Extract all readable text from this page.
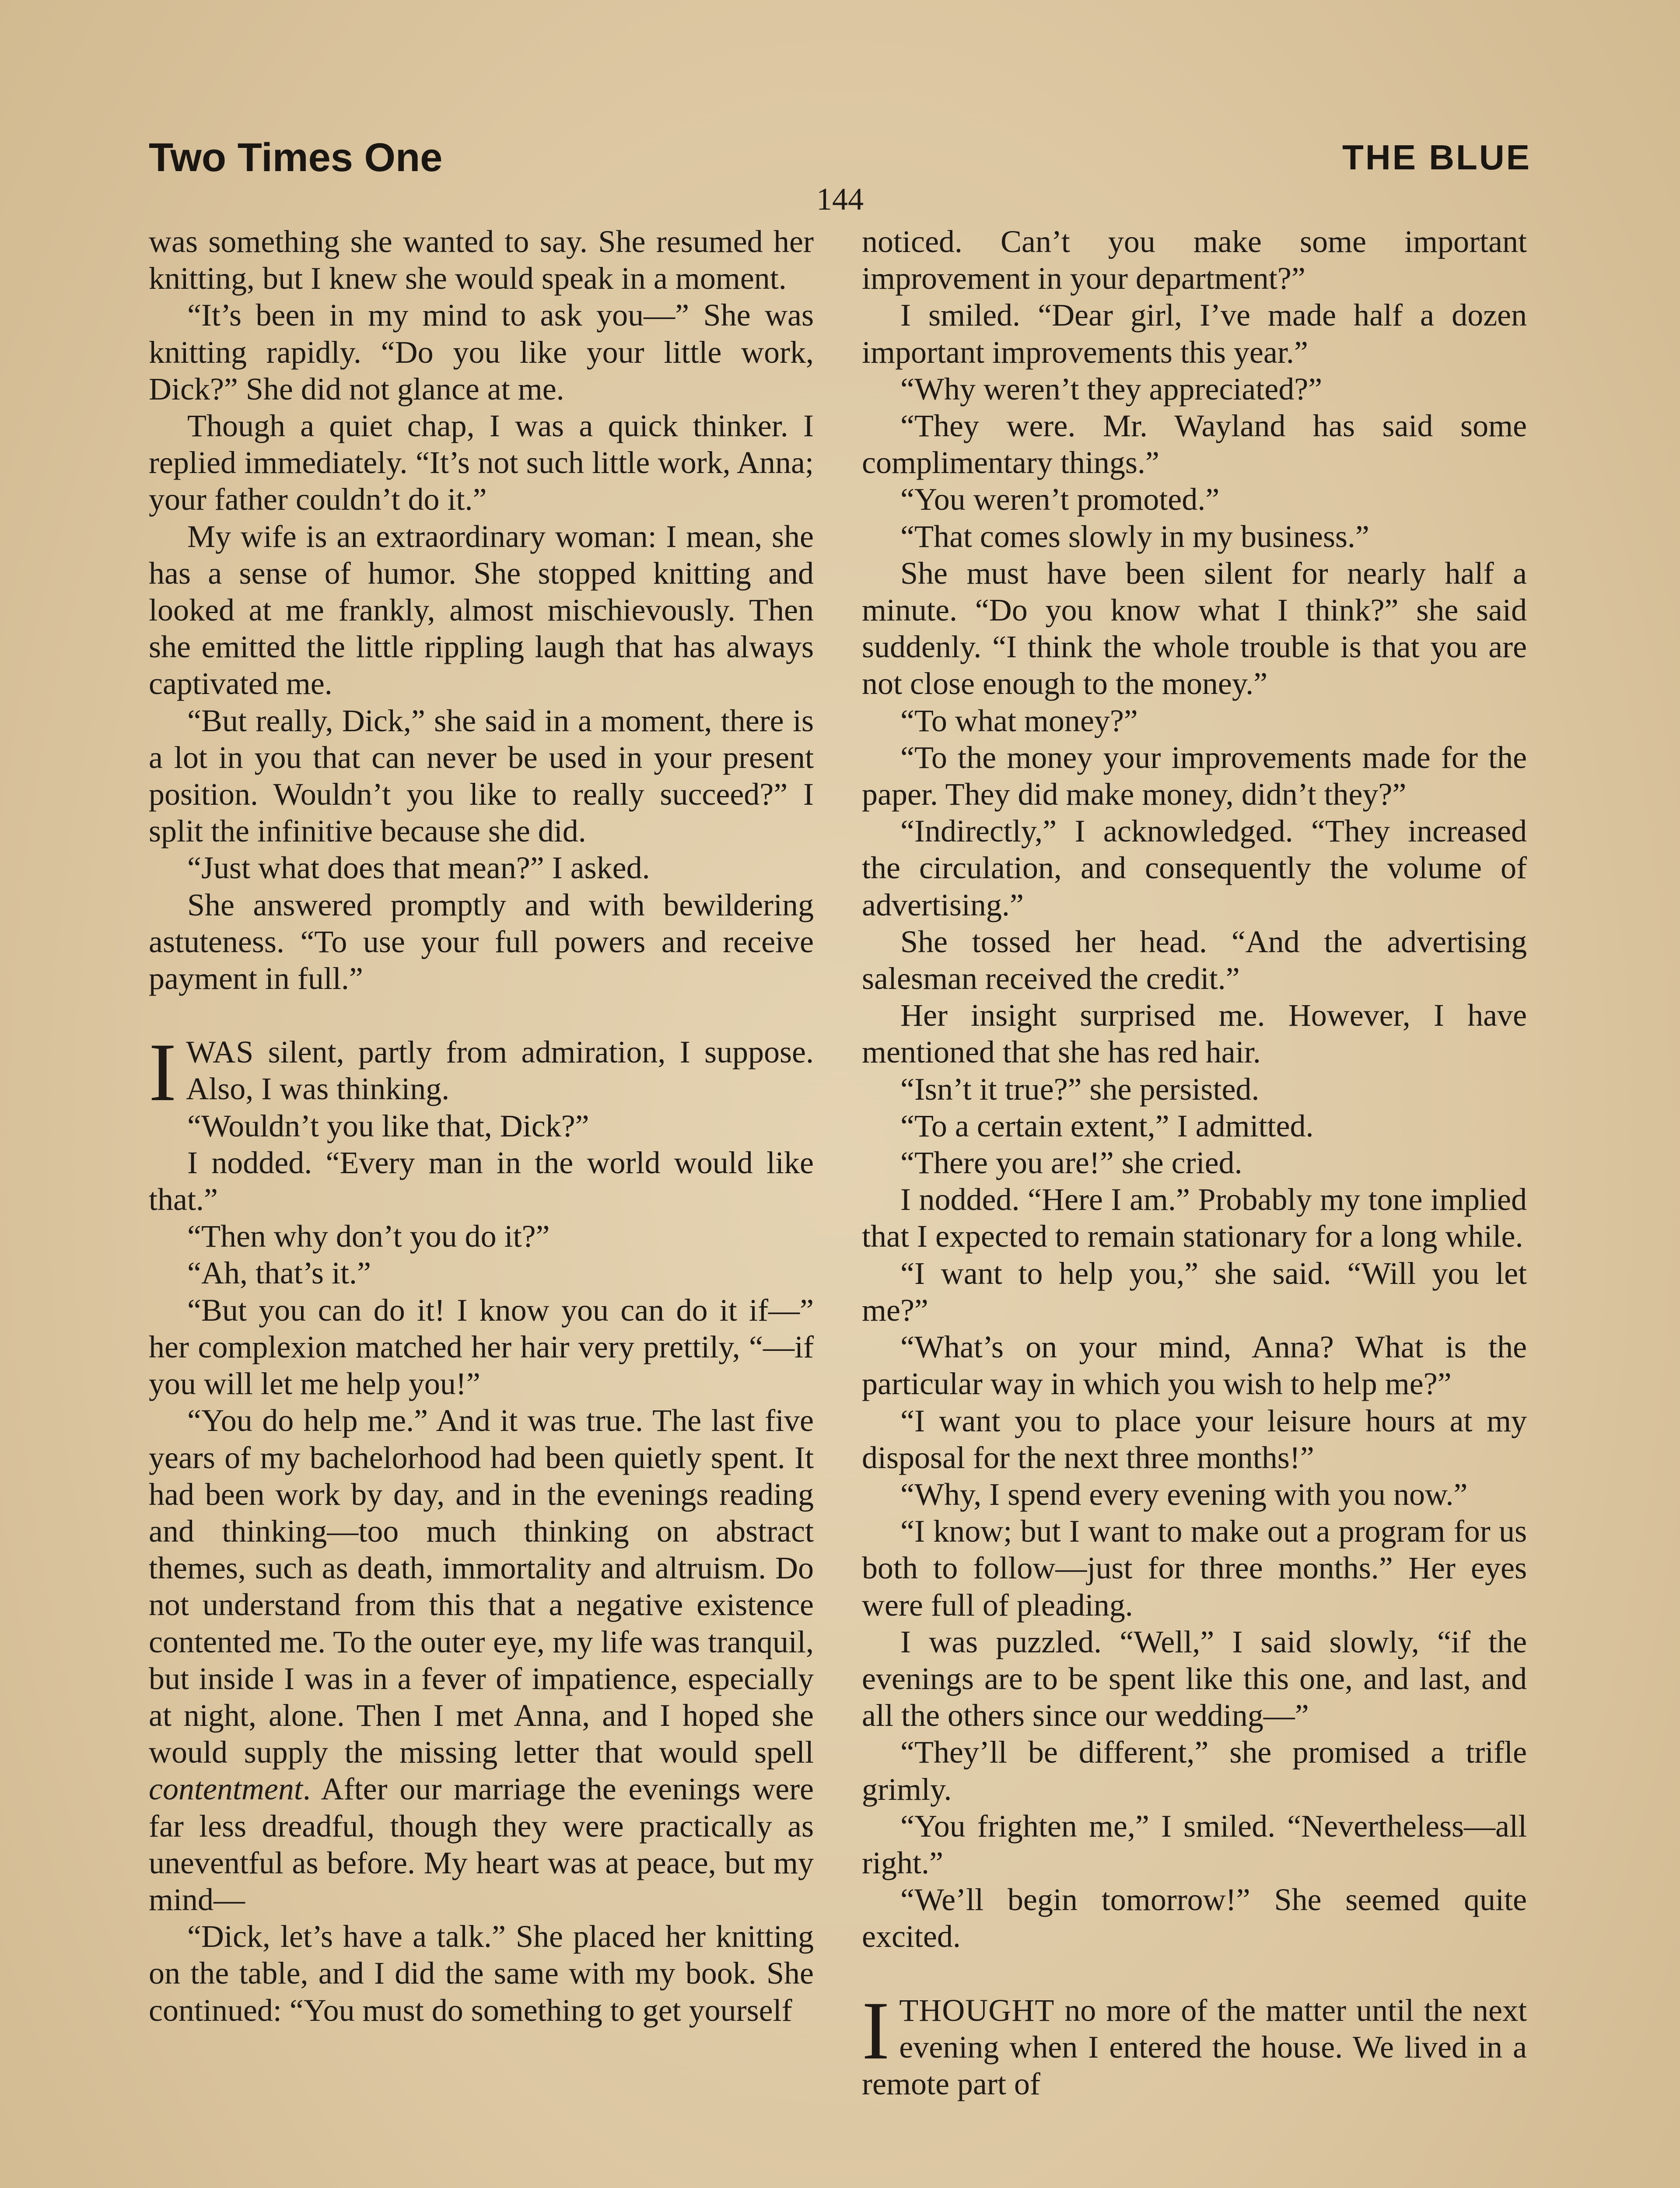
Two Times One	THE BLUE
144

was something she wanted to say. She resumed her knitting, but I knew she would speak in a moment.

“It’s been in my mind to ask you—” She was knitting rapidly. “Do you like your little work, Dick?” She did not glance at me.

Though a quiet chap, I was a quick thinker. I replied immediately. “It’s not such little work, Anna; your father couldn’t do it.”

My wife is an extraordinary woman: I mean, she has a sense of humor. She stopped knitting and looked at me frankly, almost mischievously. Then she emitted the little rippling laugh that has always captivated me.

“But really, Dick,” she said in a moment, there is a lot in you that can never be used in your present position. Wouldn’t you like to really succeed?” I split the infinitive because she did.

“Just what does that mean?” I asked.

She answered promptly and with bewildering astuteness. “To use your full powers and receive payment in full.”

I WAS silent, partly from admiration, I suppose. Also, I was thinking.

“Wouldn’t you like that, Dick?”

I nodded. “Every man in the world would like that.”

“Then why don’t you do it?”

“Ah, that’s it.”

“But you can do it! I know you can do it if—” her complexion matched her hair very prettily, “—if you will let me help you!”

“You do help me.” And it was true. The last five years of my bachelorhood had been quietly spent. It had been work by day, and in the evenings reading and thinking—too much thinking on abstract themes, such as death, immortality and altruism. Do not understand from this that a negative existence contented me. To the outer eye, my life was tranquil, but inside I was in a fever of impatience, especially at night, alone. Then I met Anna, and I hoped she would supply the missing letter that would spell contentment. After our marriage the evenings were far less dreadful, though they were practically as uneventful as before. My heart was at peace, but my mind—

“Dick, let’s have a talk.” She placed her knitting on the table, and I did the same with my book. She continued: “You must do something to get yourself

noticed. Can’t you make some important improvement in your department?”

I smiled. “Dear girl, I’ve made half a dozen important improvements this year.”

“Why weren’t they appreciated?”

“They were. Mr. Wayland has said some complimentary things.”

“You weren’t promoted.”

“That comes slowly in my business.”

She must have been silent for nearly half a minute. “Do you know what I think?” she said suddenly. “I think the whole trouble is that you are not close enough to the money.”

“To what money?”

“To the money your improvements made for the paper. They did make money, didn’t they?”

“Indirectly,” I acknowledged. “They increased the circulation, and consequently the volume of advertising.”

She tossed her head. “And the advertising salesman received the credit.”

Her insight surprised me. However, I have mentioned that she has red hair.

“Isn’t it true?” she persisted.

“To a certain extent,” I admitted.

“There you are!” she cried.

I nodded. “Here I am.” Probably my tone implied that I expected to remain stationary for a long while.

“I want to help you,” she said. “Will you let me?”

“What’s on your mind, Anna? What is the particular way in which you wish to help me?”

“I want you to place your leisure hours at my disposal for the next three months!”

“Why, I spend every evening with you now.”

“I know; but I want to make out a program for us both to follow—just for three months.” Her eyes were full of pleading.

I was puzzled. “Well,” I said slowly, “if the evenings are to be spent like this one, and last, and all the others since our wedding—”

“They’ll be different,” she promised a trifle grimly.

“You frighten me,” I smiled. “Nevertheless—all right.”

“We’ll begin tomorrow!” She seemed quite excited.

I THOUGHT no more of the matter until the next evening when I entered the house. We lived in a remote part of
